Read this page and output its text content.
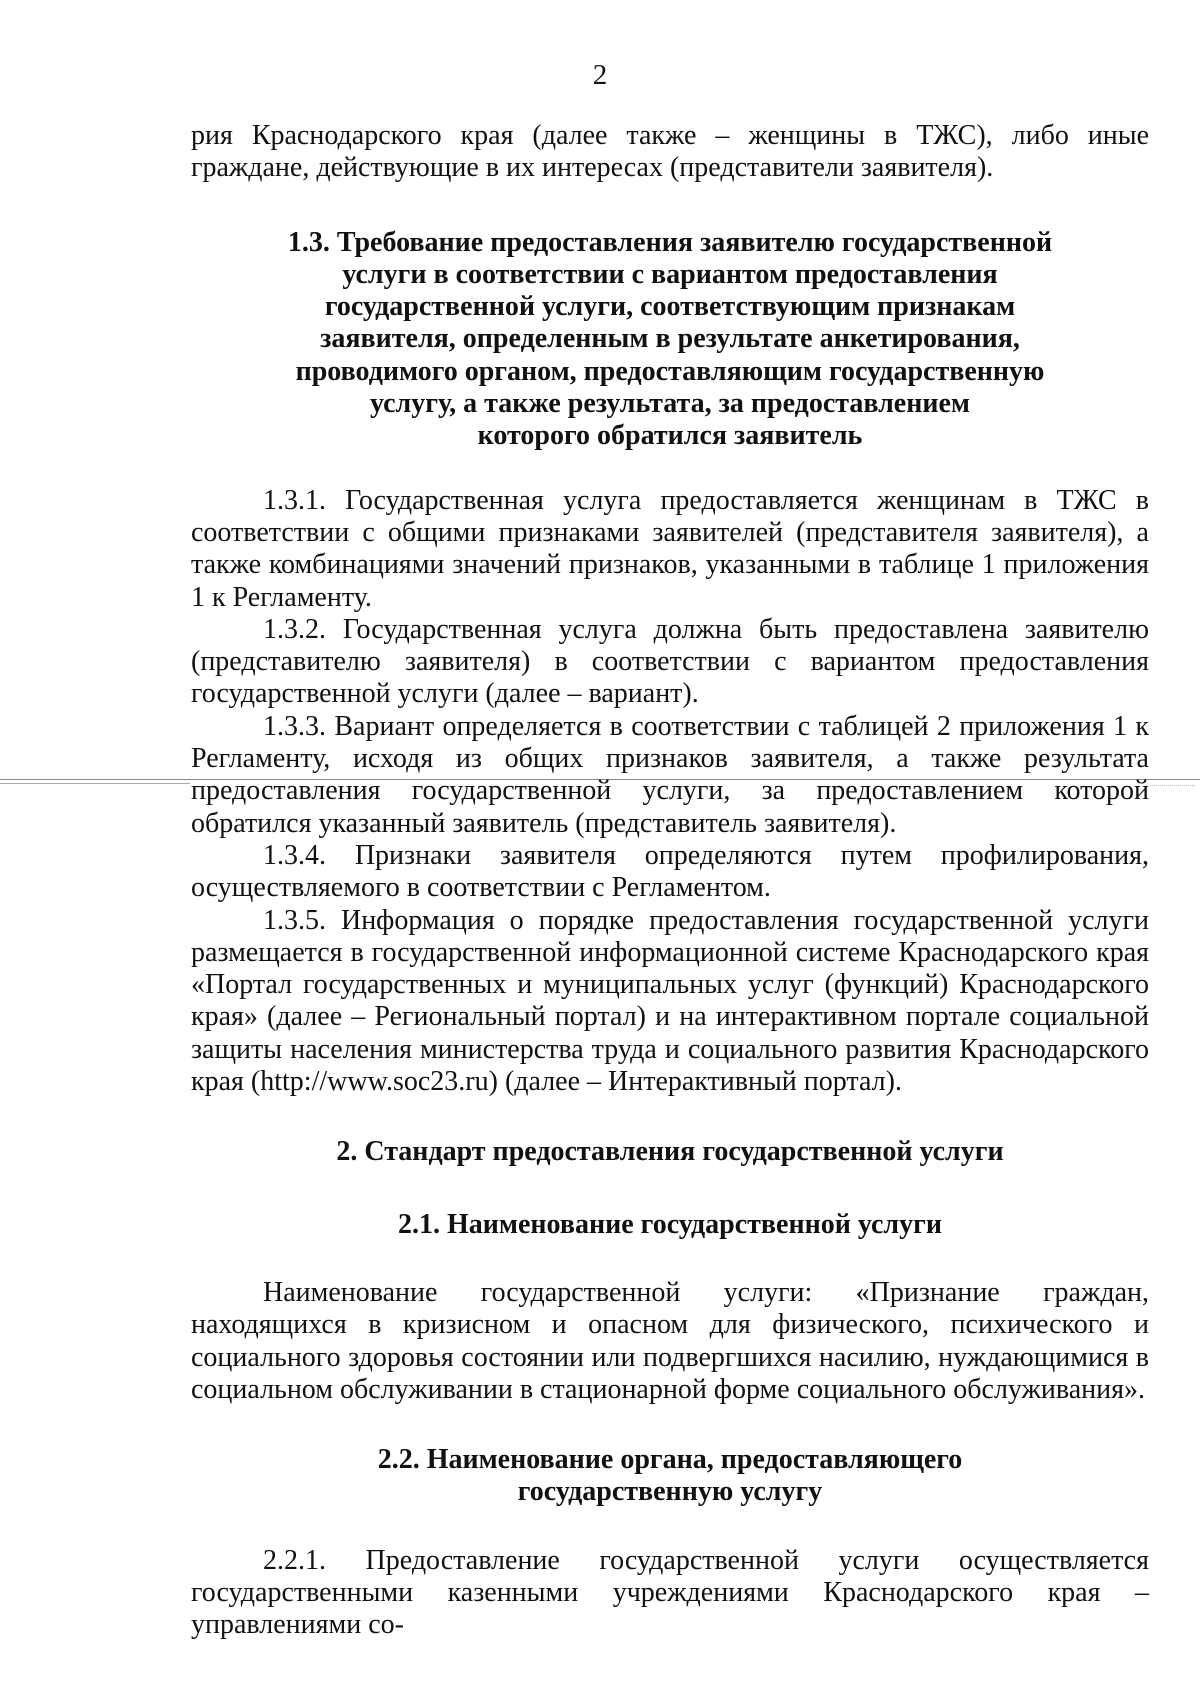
2

рия Краснодарского края (далее также – женщины в ТЖС), либо иные граждане, действующие в их интересах (представители заявителя).

1.3. Требование предоставления заявителю государственной
услуги в соответствии с вариантом предоставления
государственной услуги, соответствующим признакам
заявителя, определенным в результате анкетирования,
проводимого органом, предоставляющим государственную
услугу, а также результата, за предоставлением
которого обратился заявитель

1.3.1. Государственная услуга предоставляется женщинам в ТЖС в соответствии с общими признаками заявителей (представителя заявителя), а также комбинациями значений признаков, указанными в таблице 1 приложения 1 к Регламенту.

1.3.2. Государственная услуга должна быть предоставлена заявителю (представителю заявителя) в соответствии с вариантом предоставления государственной услуги (далее – вариант).

1.3.3. Вариант определяется в соответствии с таблицей 2 приложения 1 к Регламенту, исходя из общих признаков заявителя, а также результата предоставления государственной услуги, за предоставлением которой обратился указанный заявитель (представитель заявителя).

1.3.4. Признаки заявителя определяются путем профилирования, осуществляемого в соответствии с Регламентом.

1.3.5. Информация о порядке предоставления государственной услуги размещается в государственной информационной системе Краснодарского края «Портал государственных и муниципальных услуг (функций) Краснодарского края» (далее – Региональный портал) и на интерактивном портале социальной защиты населения министерства труда и социального развития Краснодарского края (http://www.soc23.ru) (далее – Интерактивный портал).

2. Стандарт предоставления государственной услуги
2.1. Наименование государственной услуги

Наименование государственной услуги: «Признание граждан, находящихся в кризисном и опасном для физического, психического и социального здоровья состоянии или подвергшихся насилию, нуждающимися в социальном обслуживании в стационарной форме социального обслуживания».

2.2. Наименование органа, предоставляющего
государственную услугу

2.2.1. Предоставление государственной услуги осуществляется государственными казенными учреждениями Краснодарского края – управлениями со-
